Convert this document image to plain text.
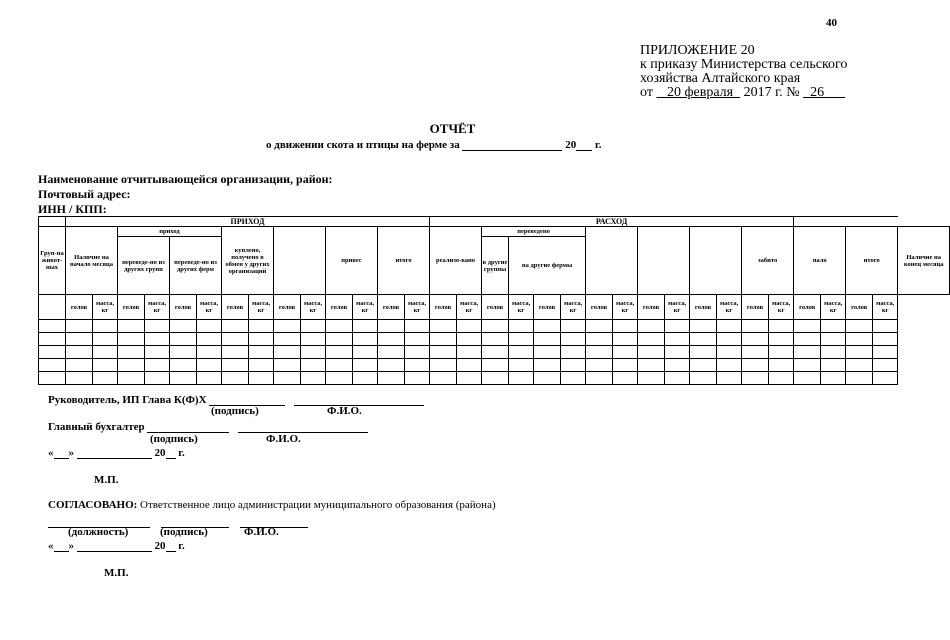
40
ПРИЛОЖЕНИЕ 20
к приказу Министерства сельского
хозяйства Алтайского края
от 20 февраля 2017 г. № 26
ОТЧЁТ
о движении скота и птицы на ферме за	20 г.
Наименование отчитывающейся организации, район:
Почтовый адрес:
ИНН / КПП:
	ПРИХОД														РАСХОД																		
Груп-па живот-ных	Наличие на начало месяца		приход				куплено, получено в обмен у других организаций				привес		итого		реализо-вано		переведено										забито		пало		итого		Наличие на конец месяца
			переведе-но из других групп		переведе-но из других ферм												в другие группы	на другие фермы															
	голов	масса, кг	голов	масса, кг	голов	масса, кг	голов	масса, кг	голов	масса, кг	голов	масса, кг	голов	масса, кг	голов	масса, кг	голов	масса, кг	голов	масса, кг	голов	масса, кг	голов	масса, кг	голов	масса, кг	голов	масса, кг	голов	масса, кг	голов	масса, кг	

Руководитель, ИП Глава К(Ф)Х
(подпись)	Ф.И.О.
Главный бухгалтер
(подпись)	Ф.И.О.
« »	20 г.
М.П.
СОГЛАСОВАНО: Ответственное лицо администрации муниципального образования (района)

(должность)	(подпись)	Ф.И.О.
« »	20 г.
М.П.
